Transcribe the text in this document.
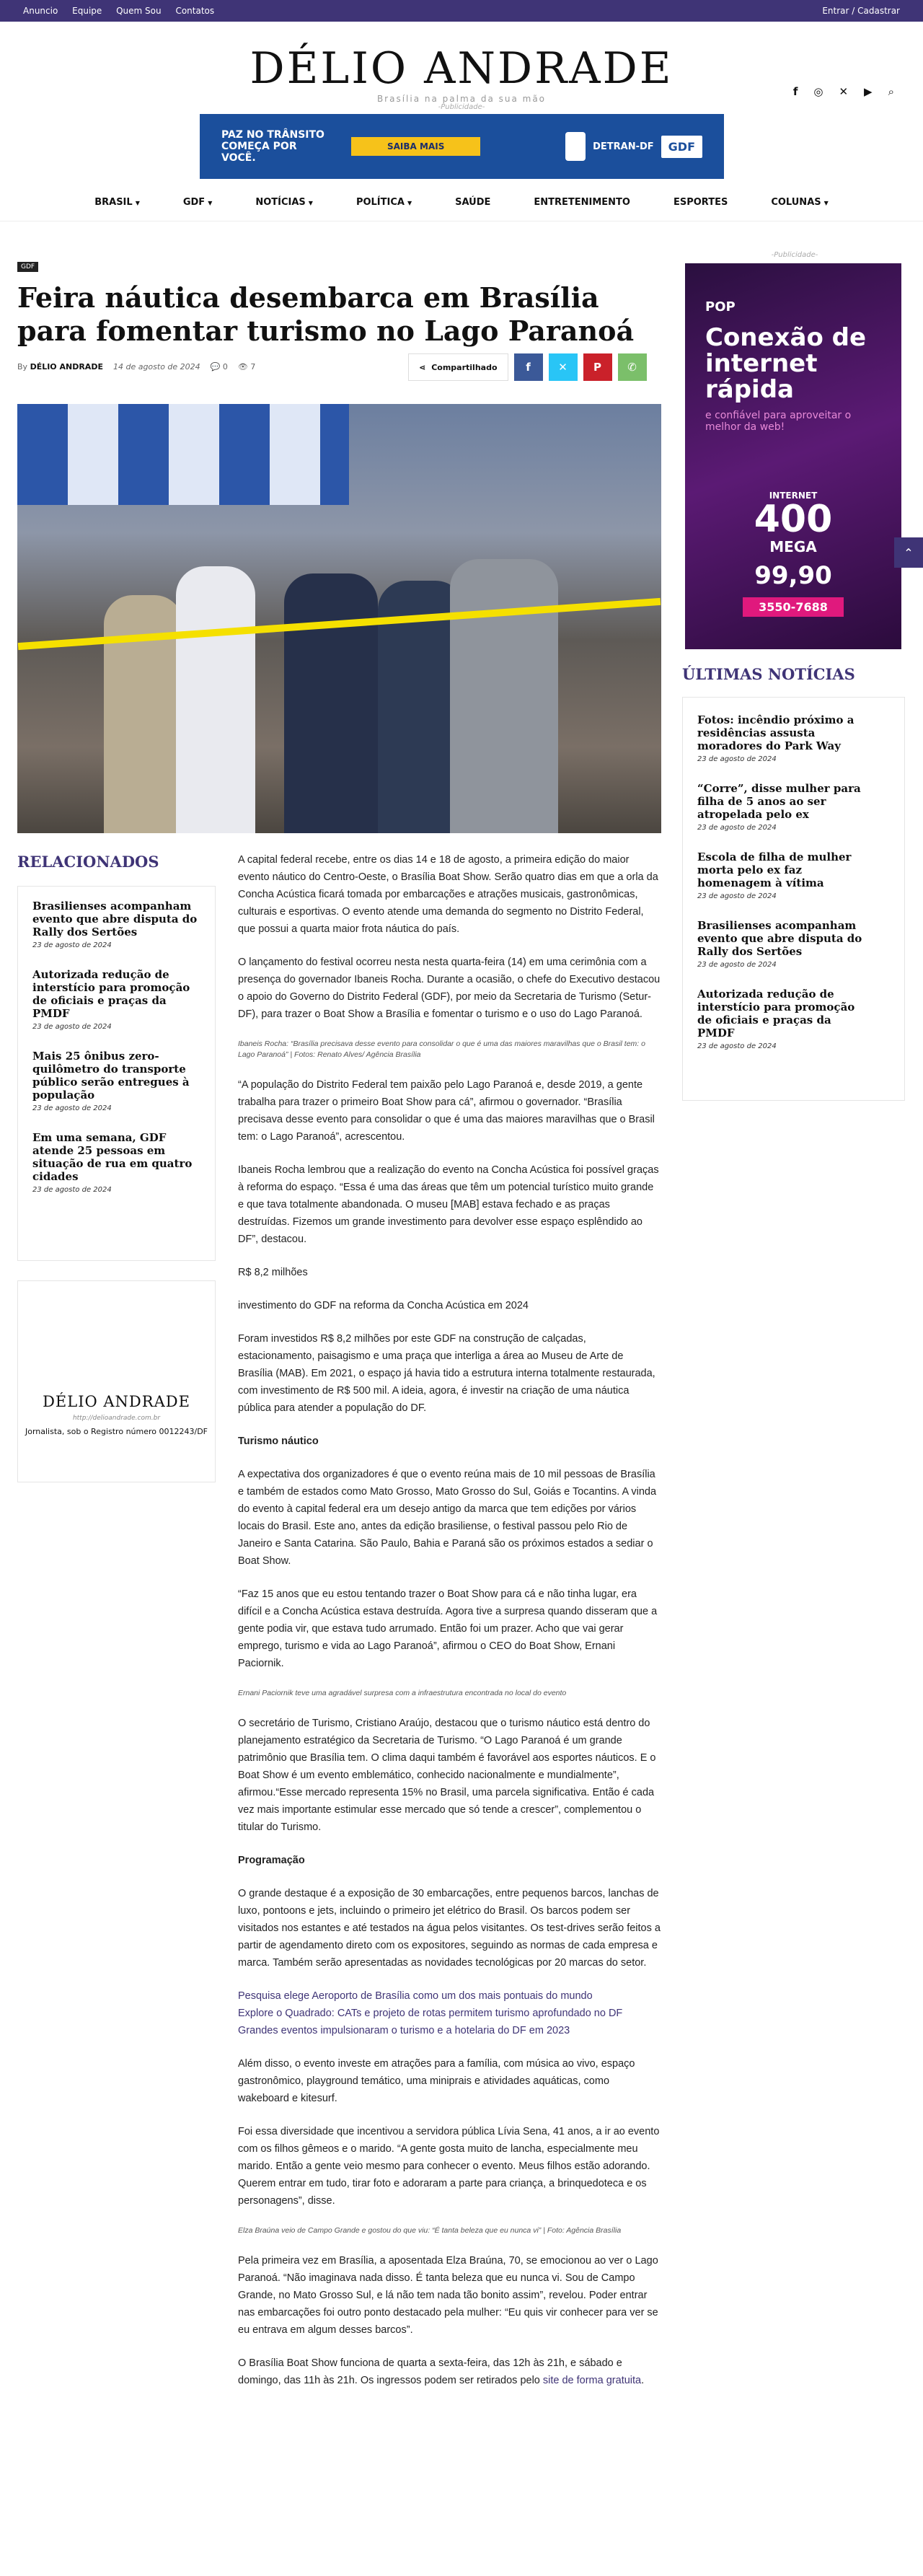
Anuncio Equipe Quem Sou Contatos	Entrar / Cadastrar
DÉLIO ANDRADE
Brasília na palma da sua mão
-Publicidade-
f ◎ ✕ ▶ ⌕
PAZ NO TRÂNSITO
COMEÇA POR VOCÊ.
SAIBA MAIS	DETRAN-DF	GDF
BRASIL ▼	GDF ▼	NOTÍCIAS ▼	POLÍTICA ▼	SAÚDE	ENTRETENIMENTO	ESPORTES	COLUNAS ▼
GDF
Feira náutica desembarca em Brasília para fomentar turismo no Lago Paranoá
By DÉLIO ANDRADE 14 de agosto de 2024 💬 0 👁 7	⋖ Compartilhado	f	✕ P ✆
RELACIONADOS
Brasilienses acompanham evento que abre disputa do Rally dos Sertões
23 de agosto de 2024
Autorizada redução de interstício para promoção de oficiais e praças da PMDF
23 de agosto de 2024
Mais 25 ônibus zero-quilômetro do transporte público serão entregues à população
23 de agosto de 2024
Em uma semana, GDF atende 25 pessoas em situação de rua em quatro cidades
23 de agosto de 2024
DÉLIO ANDRADE
http://delioandrade.com.br
Jornalista, sob o Registro número 0012243/DF

A capital federal recebe, entre os dias 14 e 18 de agosto, a primeira edição do maior evento náutico do Centro-Oeste, o Brasília Boat Show. Serão quatro dias em que a orla da Concha Acústica ficará tomada por embarcações e atrações musicais, gastronômicas, culturais e esportivas. O evento atende uma demanda do segmento no Distrito Federal, que possui a quarta maior frota náutica do país.

O lançamento do festival ocorreu nesta nesta quarta-feira (14) em uma cerimônia com a presença do governador Ibaneis Rocha. Durante a ocasião, o chefe do Executivo destacou o apoio do Governo do Distrito Federal (GDF), por meio da Secretaria de Turismo (Setur-DF), para trazer o Boat Show a Brasília e fomentar o turismo e o uso do Lago Paranoá.

Ibaneis Rocha: “Brasília precisava desse evento para consolidar o que é uma das maiores maravilhas que o Brasil tem: o Lago Paranoá” | Fotos: Renato Alves/ Agência Brasília

“A população do Distrito Federal tem paixão pelo Lago Paranoá e, desde 2019, a gente trabalha para trazer o primeiro Boat Show para cá”, afirmou o governador. “Brasília precisava desse evento para consolidar o que é uma das maiores maravilhas que o Brasil tem: o Lago Paranoá”, acrescentou.

Ibaneis Rocha lembrou que a realização do evento na Concha Acústica foi possível graças à reforma do espaço. “Essa é uma das áreas que têm um potencial turístico muito grande e que tava totalmente abandonada. O museu [MAB] estava fechado e as praças destruídas. Fizemos um grande investimento para devolver esse espaço esplêndido ao DF”, destacou.

R$ 8,2 milhões

investimento do GDF na reforma da Concha Acústica em 2024

Foram investidos R$ 8,2 milhões por este GDF na construção de calçadas, estacionamento, paisagismo e uma praça que interliga a área ao Museu de Arte de Brasília (MAB). Em 2021, o espaço já havia tido a estrutura interna totalmente restaurada, com investimento de R$ 500 mil. A ideia, agora, é investir na criação de uma náutica pública para atender a população do DF.

Turismo náutico

A expectativa dos organizadores é que o evento reúna mais de 10 mil pessoas de Brasília e também de estados como Mato Grosso, Mato Grosso do Sul, Goiás e Tocantins. A vinda do evento à capital federal era um desejo antigo da marca que tem edições por vários locais do Brasil. Este ano, antes da edição brasiliense, o festival passou pelo Rio de Janeiro e Santa Catarina. São Paulo, Bahia e Paraná são os próximos estados a sediar o Boat Show.

“Faz 15 anos que eu estou tentando trazer o Boat Show para cá e não tinha lugar, era difícil e a Concha Acústica estava destruída. Agora tive a surpresa quando disseram que a gente podia vir, que estava tudo arrumado. Então foi um prazer. Acho que vai gerar emprego, turismo e vida ao Lago Paranoá”, afirmou o CEO do Boat Show, Ernani Paciornik.

Ernani Paciornik teve uma agradável surpresa com a infraestrutura encontrada no local do evento

O secretário de Turismo, Cristiano Araújo, destacou que o turismo náutico está dentro do planejamento estratégico da Secretaria de Turismo. “O Lago Paranoá é um grande patrimônio que Brasília tem. O clima daqui também é favorável aos esportes náuticos. E o Boat Show é um evento emblemático, conhecido nacionalmente e mundialmente”, afirmou.“Esse mercado representa 15% no Brasil, uma parcela significativa. Então é cada vez mais importante estimular esse mercado que só tende a crescer”, complementou o titular do Turismo.

Programação

O grande destaque é a exposição de 30 embarcações, entre pequenos barcos, lanchas de luxo, pontoons e jets, incluindo o primeiro jet elétrico do Brasil. Os barcos podem ser visitados nos estantes e até testados na água pelos visitantes. Os test-drives serão feitos a partir de agendamento direto com os expositores, seguindo as normas de cada empresa e marca. Também serão apresentadas as novidades tecnológicas por 20 marcas do setor.

Pesquisa elege Aeroporto de Brasília como um dos mais pontuais do mundo
Explore o Quadrado: CATs e projeto de rotas permitem turismo aprofundado no DF
Grandes eventos impulsionaram o turismo e a hotelaria do DF em 2023

Além disso, o evento investe em atrações para a família, com música ao vivo, espaço gastronômico, playground temático, uma miniprais e atividades aquáticas, como wakeboard e kitesurf.

Foi essa diversidade que incentivou a servidora pública Lívia Sena, 41 anos, a ir ao evento com os filhos gêmeos e o marido. “A gente gosta muito de lancha, especialmente meu marido. Então a gente veio mesmo para conhecer o evento. Meus filhos estão adorando. Querem entrar em tudo, tirar foto e adoraram a parte para criança, a brinquedoteca e os personagens”, disse.

Elza Braúna veio de Campo Grande e gostou do que viu: “É tanta beleza que eu nunca vi” | Foto: Agência Brasília

Pela primeira vez em Brasília, a aposentada Elza Braúna, 70, se emocionou ao ver o Lago Paranoá. “Não imaginava nada disso. É tanta beleza que eu nunca vi. Sou de Campo Grande, no Mato Grosso Sul, e lá não tem nada tão bonito assim”, revelou. Poder entrar nas embarcações foi outro ponto destacado pela mulher: “Eu quis vir conhecer para ver se eu entrava em algum desses barcos”.

O Brasília Boat Show funciona de quarta a sexta-feira, das 12h às 21h, e sábado e domingo, das 11h às 21h. Os ingressos podem ser retirados pelo site de forma gratuita.

-Publicidade-
POP
Conexão de internet rápida
e confiável para aproveitar o melhor da web!
INTERNET
400
MEGA
99,90
3550-7688
⌃
ÚLTIMAS NOTÍCIAS
Fotos: incêndio próximo a residências assusta moradores do Park Way
23 de agosto de 2024
“Corre”, disse mulher para filha de 5 anos ao ser atropelada pelo ex
23 de agosto de 2024
Escola de filha de mulher morta pelo ex faz homenagem à vítima
23 de agosto de 2024
Brasilienses acompanham evento que abre disputa do Rally dos Sertões
23 de agosto de 2024
Autorizada redução de interstício para promoção de oficiais e praças da PMDF
23 de agosto de 2024
